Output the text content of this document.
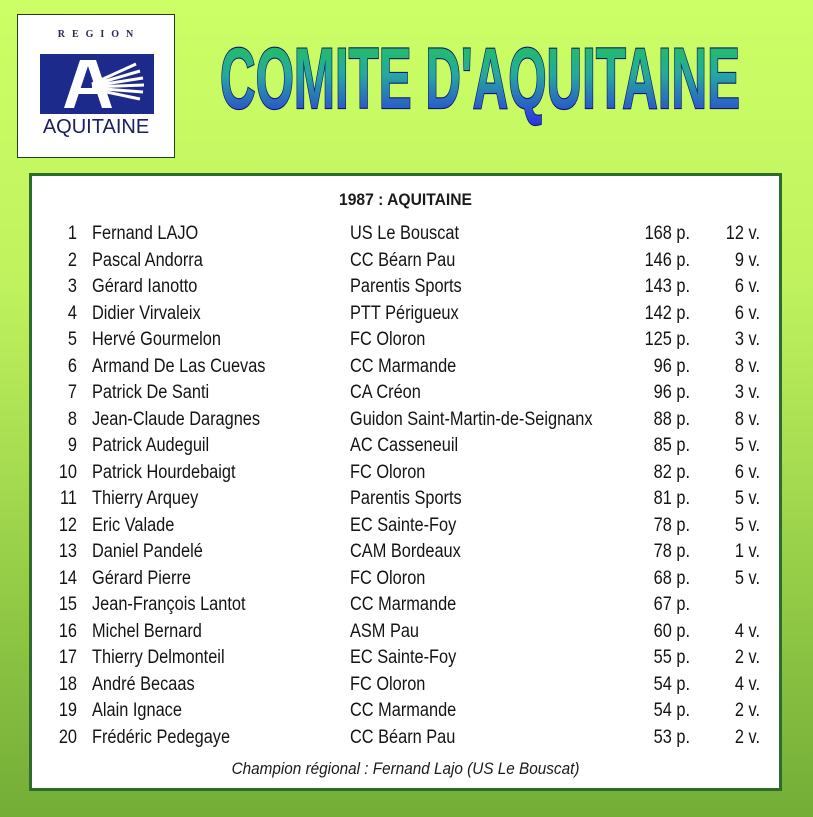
REGION
AQUITAINE COMITE D'AQUITAINE
1987 : AQUITAINE
1 Fernand LAJO	US Le Bouscat	168 p.	12 v.
2 Pascal Andorra	CC Béarn Pau	146 p.	9 v.
3 Gérard Ianotto	Parentis Sports	143 p.	6 v.
4 Didier Virvaleix	PTT Périgueux	142 p.	6 v.
5 Hervé Gourmelon	FC Oloron	125 p.	3 v.
6 Armand De Las Cuevas	CC Marmande	96 p.	8 v.
7 Patrick De Santi	CA Créon	96 p.	3 v.
8 Jean-Claude Daragnes	Guidon Saint-Martin-de-Seignanx	88 p.	8 v.
9 Patrick Audeguil	AC Casseneuil	85 p.	5 v.
10 Patrick Hourdebaigt	FC Oloron	82 p.	6 v.
11 Thierry Arquey	Parentis Sports	81 p.	5 v.
12 Eric Valade	EC Sainte-Foy	78 p.	5 v.
13 Daniel Pandelé	CAM Bordeaux	78 p.	1 v.
14 Gérard Pierre	FC Oloron	68 p.	5 v.
15 Jean-François Lantot	CC Marmande	67 p.
16 Michel Bernard	ASM Pau	60 p.	4 v.
17 Thierry Delmonteil	EC Sainte-Foy	55 p.	2 v.
18 André Becaas	FC Oloron	54 p.	4 v.
19 Alain Ignace	CC Marmande	54 p.	2 v.
20 Frédéric Pedegaye	CC Béarn Pau	53 p.	2 v.
Champion régional : Fernand Lajo (US Le Bouscat)
